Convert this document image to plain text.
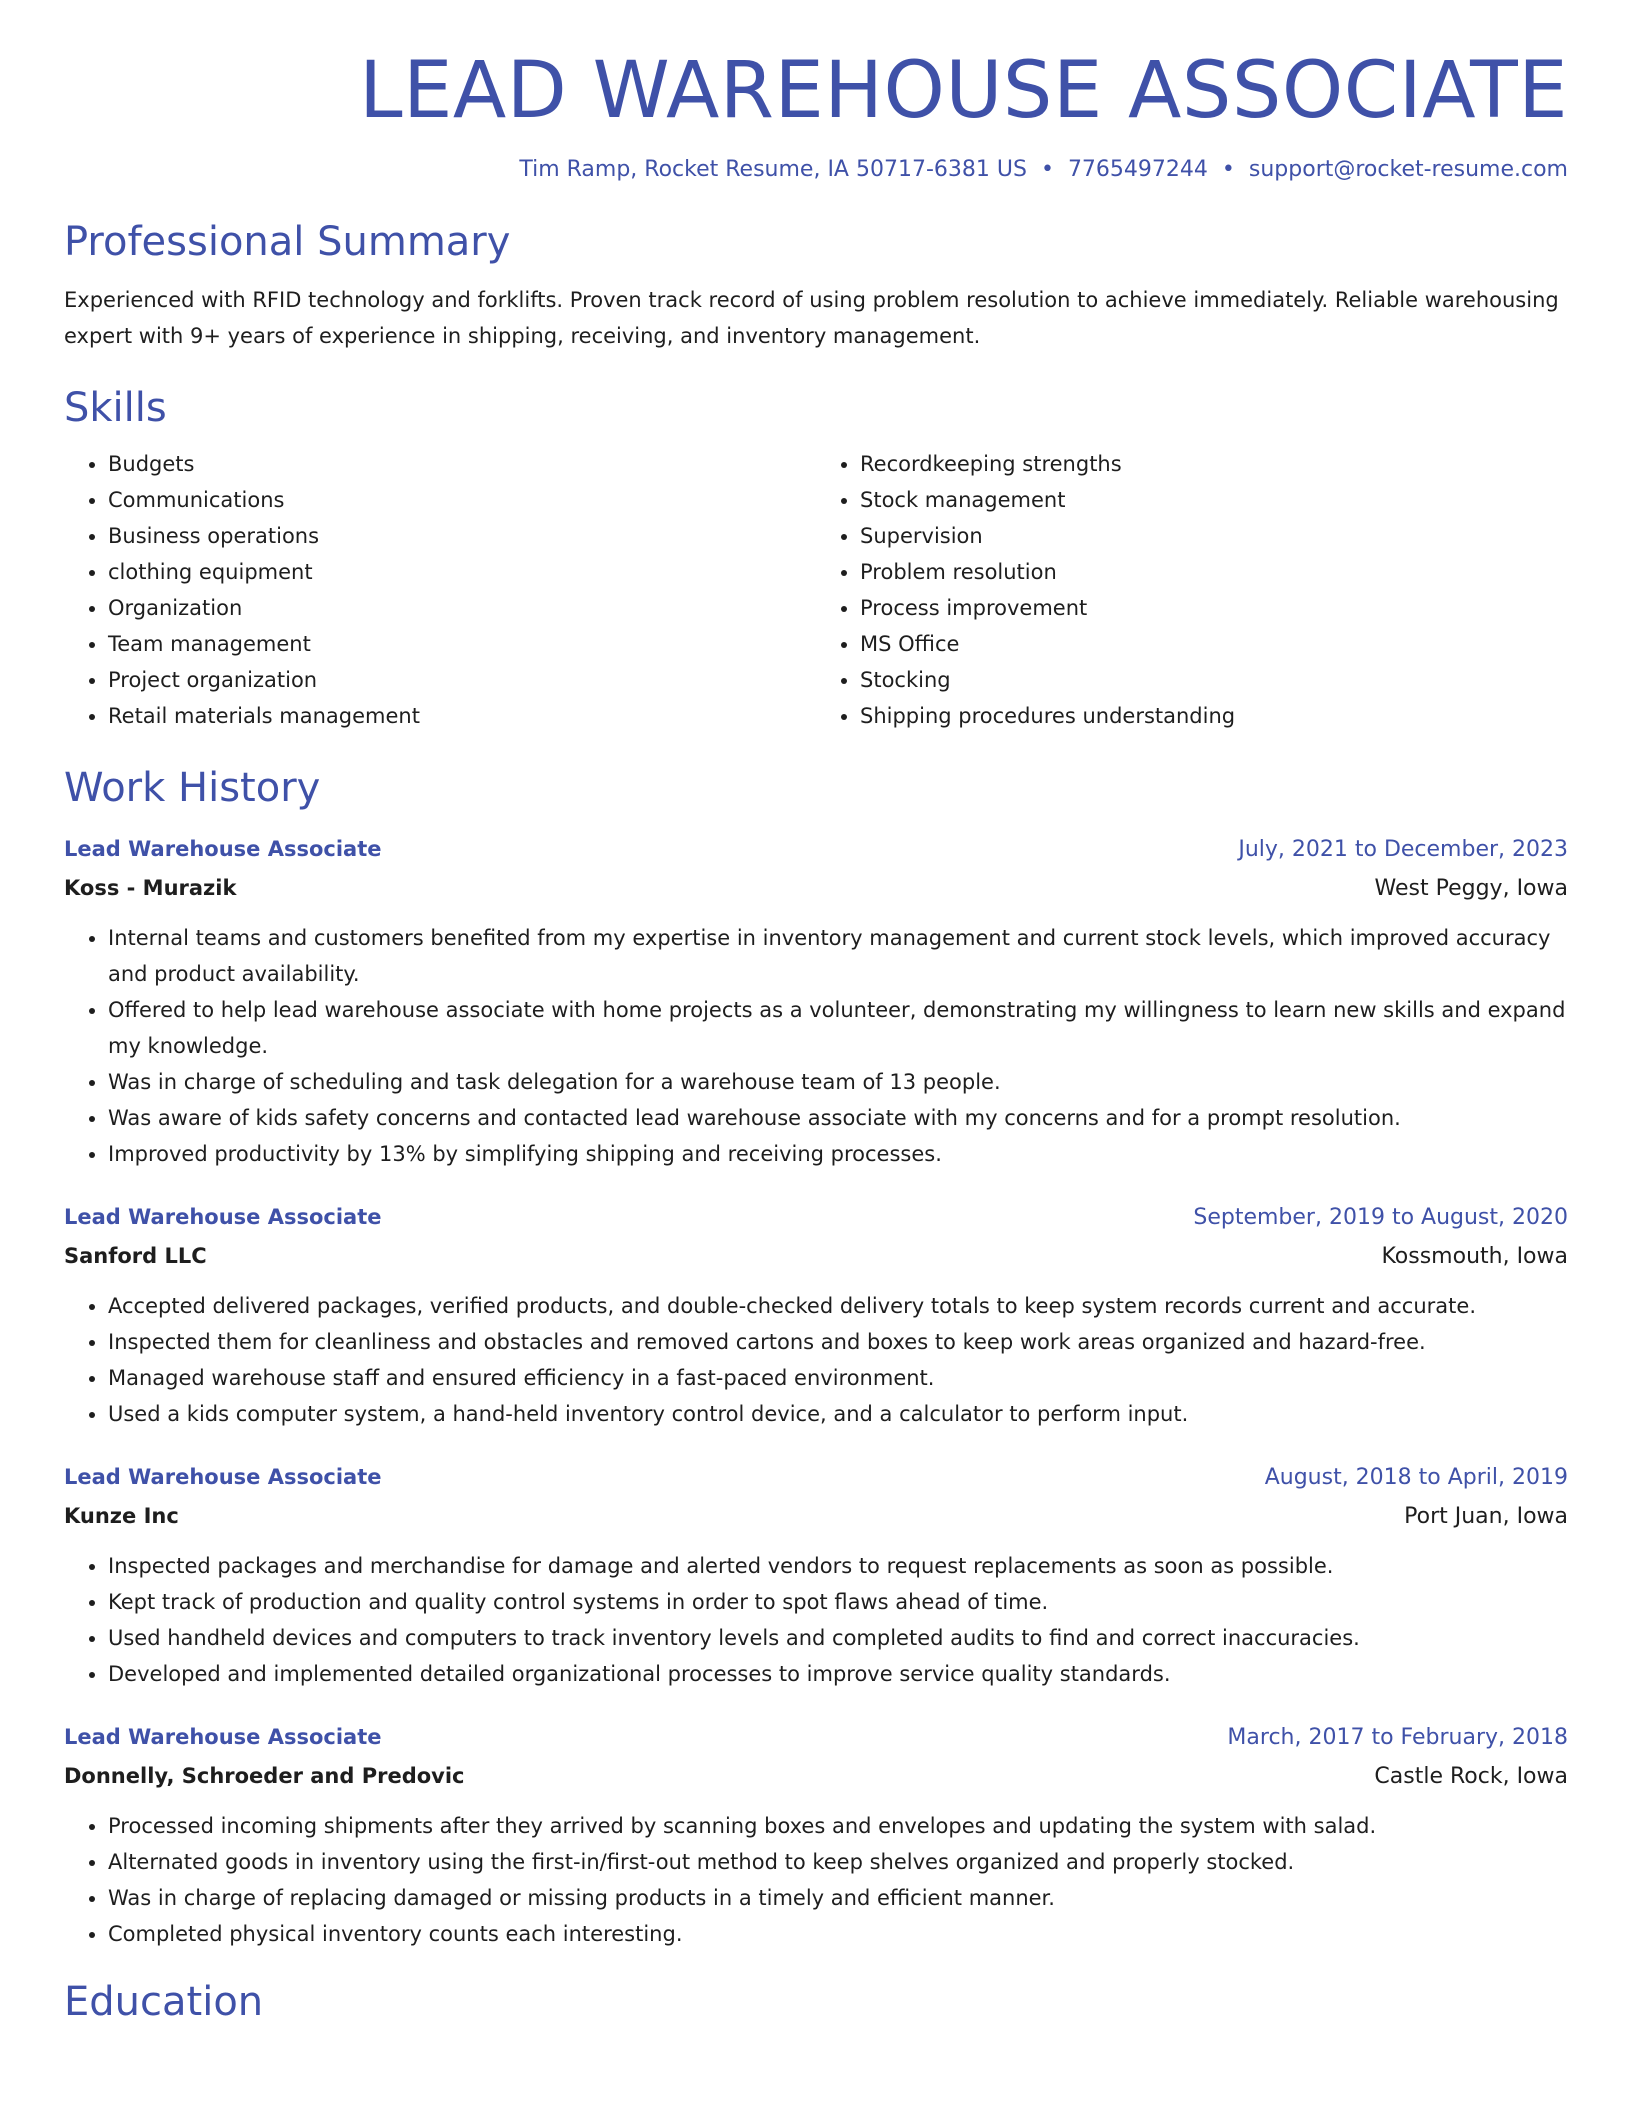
LEAD WAREHOUSE ASSOCIATE
Tim Ramp, Rocket Resume, IA 50717-6381 US • 7765497244 • support@rocket-resume.com
Professional Summary

Experienced with RFID technology and forklifts. Proven track record of using problem resolution to achieve immediately. Reliable warehousing expert with 9+ years of experience in shipping, receiving, and inventory management.

Skills
• Budgets
• Communications
• Business operations
• clothing equipment
• Organization
• Team management
• Project organization
• Retail materials management
• Recordkeeping strengths
• Stock management
• Supervision
• Problem resolution
• Process improvement
• MS Office
• Stocking
• Shipping procedures understanding
Work History
Lead Warehouse Associate	July, 2021 to December, 2023
Koss - Murazik	West Peggy, Iowa
• Internal teams and customers benefited from my expertise in inventory management and current stock levels, which improved accuracy and product availability.
• Offered to help lead warehouse associate with home projects as a volunteer, demonstrating my willingness to learn new skills and expand my knowledge.
• Was in charge of scheduling and task delegation for a warehouse team of 13 people.
• Was aware of kids safety concerns and contacted lead warehouse associate with my concerns and for a prompt resolution.
• Improved productivity by 13% by simplifying shipping and receiving processes.
Lead Warehouse Associate	September, 2019 to August, 2020
Sanford LLC	Kossmouth, Iowa
• Accepted delivered packages, verified products, and double-checked delivery totals to keep system records current and accurate.
• Inspected them for cleanliness and obstacles and removed cartons and boxes to keep work areas organized and hazard-free.
• Managed warehouse staff and ensured efficiency in a fast-paced environment.
• Used a kids computer system, a hand-held inventory control device, and a calculator to perform input.
Lead Warehouse Associate	August, 2018 to April, 2019
Kunze Inc	Port Juan, Iowa
• Inspected packages and merchandise for damage and alerted vendors to request replacements as soon as possible.
• Kept track of production and quality control systems in order to spot flaws ahead of time.
• Used handheld devices and computers to track inventory levels and completed audits to find and correct inaccuracies.
• Developed and implemented detailed organizational processes to improve service quality standards.
Lead Warehouse Associate	March, 2017 to February, 2018
Donnelly, Schroeder and Predovic	Castle Rock, Iowa
• Processed incoming shipments after they arrived by scanning boxes and envelopes and updating the system with salad.
• Alternated goods in inventory using the first-in/first-out method to keep shelves organized and properly stocked.
• Was in charge of replacing damaged or missing products in a timely and efficient manner.
• Completed physical inventory counts each interesting.
Education
